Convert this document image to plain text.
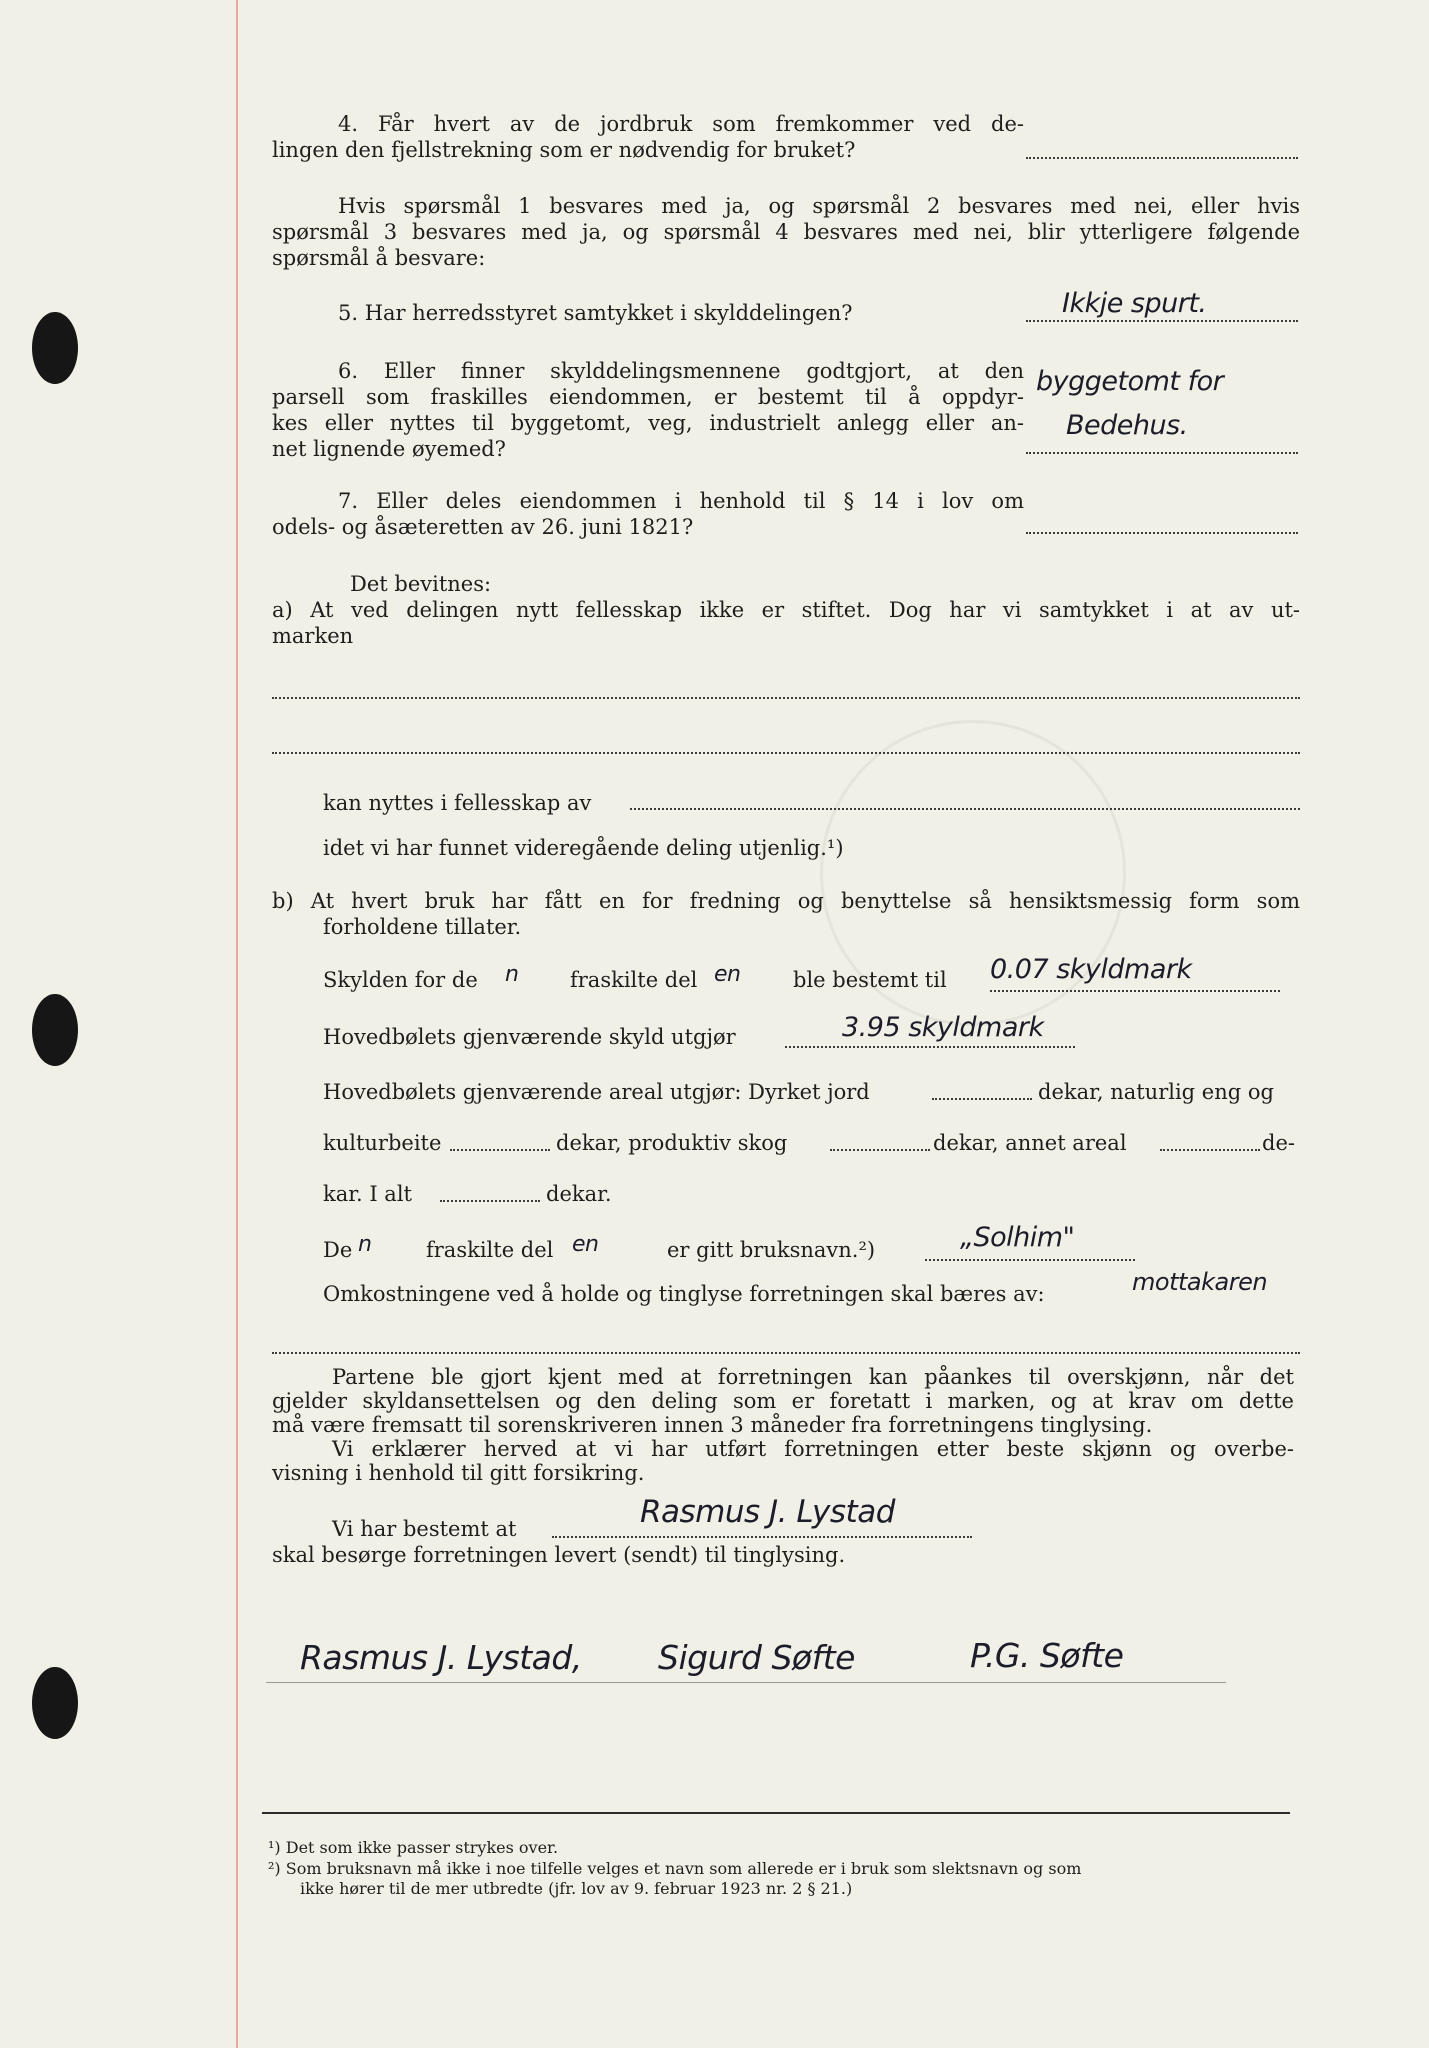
4. Får hvert av de jordbruk som fremkommer ved de-
lingen den fjellstrekning som er nødvendig for bruket?
Hvis spørsmål 1 besvares med ja, og spørsmål 2 besvares med nei, eller hvis
spørsmål 3 besvares med ja, og spørsmål 4 besvares med nei, blir ytterligere følgende
spørsmål å besvare:
5. Har herredsstyret samtykket i skylddelingen?	Ikkje spurt.
6. Eller finner skylddelingsmennene godtgjort, at den
parsell som fraskilles eiendommen, er bestemt til å oppdyr-
kes eller nyttes til byggetomt, veg, industrielt anlegg eller an-
net lignende øyemed?
byggetomt for
Bedehus.
7. Eller deles eiendommen i henhold til § 14 i lov om
odels- og åsæteretten av 26. juni 1821?
Det bevitnes:
a) At ved delingen nytt fellesskap ikke er stiftet. Dog har vi samtykket i at av ut-
marken
kan nyttes i fellesskap av
idet vi har funnet videregående deling utjenlig.¹)
b) At hvert bruk har fått en for fredning og benyttelse så hensiktsmessig form som
forholdene tillater.
Skylden for de n fraskilte del en	ble bestemt til 0.07 skyldmark
Hovedbølets gjenværende skyld utgjør	3.95 skyldmark
Hovedbølets gjenværende areal utgjør: Dyrket jord	dekar, naturlig eng og
kulturbeite	dekar, produktiv skog	dekar, annet areal	de-
kar. I alt	dekar.
De n	fraskilte del en	er gitt bruksnavn.²)	„Solhim"
Omkostningene ved å holde og tinglyse forretningen skal bæres av:	mottakaren
Partene ble gjort kjent med at forretningen kan påankes til overskjønn, når det
gjelder skyldansettelsen og den deling som er foretatt i marken, og at krav om dette
må være fremsatt til sorenskriveren innen 3 måneder fra forretningens tinglysing.
Vi erklærer herved at vi har utført forretningen etter beste skjønn og overbe-
visning i henhold til gitt forsikring.
Vi har bestemt at	Rasmus J. Lystad
skal besørge forretningen levert (sendt) til tinglysing.
Rasmus J. Lystad, Sigurd Søfte	P.G. Søfte
¹) Det som ikke passer strykes over.
²) Som bruksnavn må ikke i noe tilfelle velges et navn som allerede er i bruk som slektsnavn og som
ikke hører til de mer utbredte (jfr. lov av 9. februar 1923 nr. 2 § 21.)
